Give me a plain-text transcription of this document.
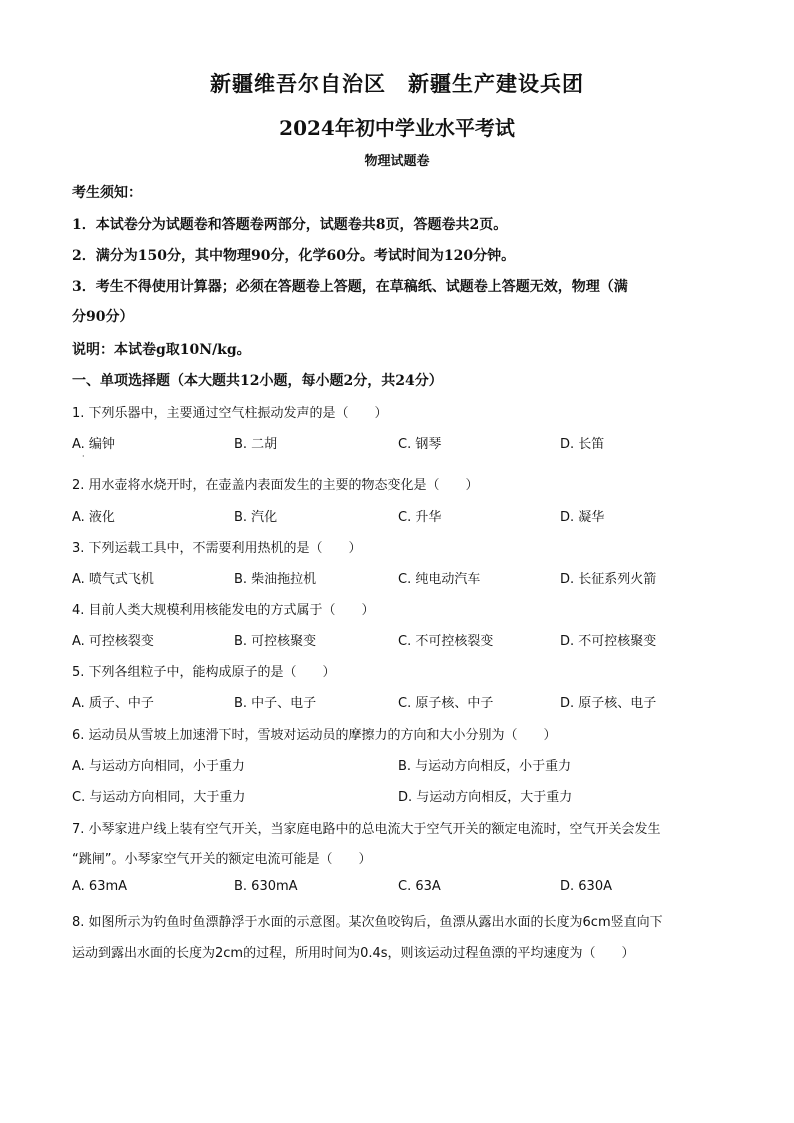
新疆维吾尔自治区　新疆生产建设兵团
2024年初中学业水平考试
物理试题卷
考生须知：
1．本试卷分为试题卷和答题卷两部分，试题卷共8页，答题卷共2页。
2．满分为150分，其中物理90分，化学60分。考试时间为120分钟。
3．考生不得使用计算器；必须在答题卷上答题，在草稿纸、试题卷上答题无效，物理（满
分90分）
说明：本试卷g取10N/kg。
一、单项选择题（本大题共12小题，每小题2分，共24分）
1. 下列乐器中，主要通过空气柱振动发声的是（　　）
A. 编钟	B. 二胡	C. 钢琴	D. 长笛
·
2. 用水壶将水烧开时，在壶盖内表面发生的主要的物态变化是（　　）
A. 液化	B. 汽化	C. 升华	D. 凝华
3. 下列运载工具中，不需要利用热机的是（　　）
A. 喷气式飞机	B. 柴油拖拉机	C. 纯电动汽车	D. 长征系列火箭
4. 目前人类大规模利用核能发电的方式属于（　　）
A. 可控核裂变	B. 可控核聚变	C. 不可控核裂变	D. 不可控核聚变
5. 下列各组粒子中，能构成原子的是（　　）
A. 质子、中子	B. 中子、电子	C. 原子核、中子	D. 原子核、电子
6. 运动员从雪坡上加速滑下时，雪坡对运动员的摩擦力的方向和大小分别为（　　）
A. 与运动方向相同，小于重力	B. 与运动方向相反，小于重力
C. 与运动方向相同，大于重力	D. 与运动方向相反，大于重力
7. 小琴家进户线上装有空气开关，当家庭电路中的总电流大于空气开关的额定电流时，空气开关会发生
“跳闸”。小琴家空气开关的额定电流可能是（　　）
A. 63mA	B. 630mA	C. 63A	D. 630A
8. 如图所示为钓鱼时鱼漂静浮于水面的示意图。某次鱼咬钩后，鱼漂从露出水面的长度为6cm竖直向下
运动到露出水面的长度为2cm的过程，所用时间为0.4s，则该运动过程鱼漂的平均速度为（　　）
